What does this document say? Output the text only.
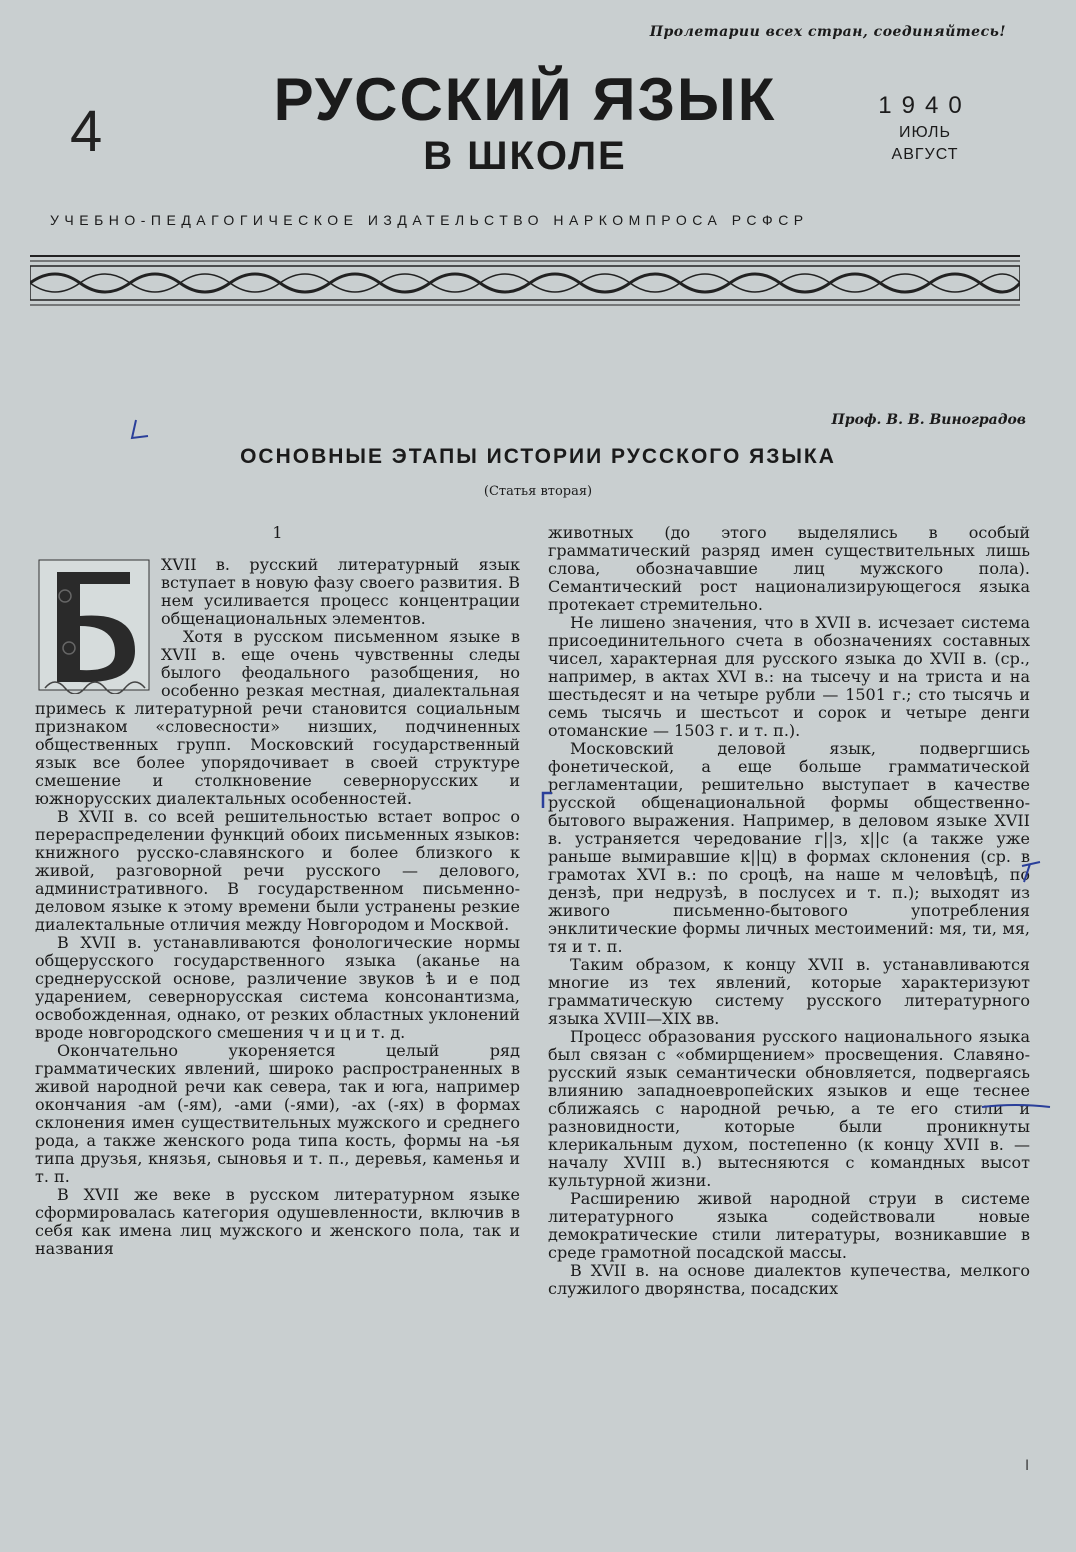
Пролетарии всех стран, соединяйтесь!
4	РУССКИЙ ЯЗЫК
В ШКОЛЕ
1940
ИЮЛЬ
АВГУСТ
УЧЕБНО-ПЕДАГОГИЧЕСКОЕ ИЗДАТЕЛЬСТВО НАРКОМПРОСА РСФСР
Проф. В. В. Виноградов
ОСНОВНЫЕ ЭТАПЫ ИСТОРИИ РУССКОГО ЯЗЫКА
(Статья вторая)
1
В

XVII в. русский литературный язык вступает в новую фазу своего развития. В нем усиливается процесс концентрации общенациональных элементов.

Хотя в русском письменном языке в XVII в. еще очень чувственны следы былого феодального разобщения, но особенно резкая местная, диалектальная примесь к литературной речи становится социальным признаком «словесности» низших, подчиненных общественных групп. Московский государственный язык все более упорядочивает в своей структуре смешение и столкновение севернорусских и южнорусских диалектальных особенностей.

В XVII в. со всей решительностью встает вопрос о перераспределении функций обоих письменных языков: книжного русско-славянского и более близкого к живой, разговорной речи русского — делового, административного. В государственном письменно-деловом языке к этому времени были устранены резкие диалектальные отличия между Новгородом и Москвой.

В XVII в. устанавливаются фонологические нормы общерусского государственного языка (аканье на среднерусской основе, различение звуков ѣ и е под ударением, севернорусская система консонантизма, освобожденная, однако, от резких областных уклонений вроде новгородского смешения ч и ц и т. д.

Окончательно укореняется целый ряд грамматических явлений, широко распространенных в живой народной речи как севера, так и юга, например окончания -ам (-ям), -ами (-ями), -ах (-ях) в формах склонения имен существительных мужского и среднего рода, а также женского рода типа кость, формы на -ья типа друзья, князья, сыновья и т. п., деревья, каменья и т. п.

В XVII же веке в русском литературном языке сформировалась категория одушевленности, включив в себя как имена лиц мужского и женского пола, так и названия

животных (до этого выделялись в особый грамматический разряд имен существительных лишь слова, обозначавшие лиц мужского пола). Семантический рост национализирующегося языка протекает стремительно.

Не лишено значения, что в XVII в. исчезает система присоединительного счета в обозначениях составных чисел, характерная для русского языка до XVII в. (ср., например, в актах XVI в.: на тысечу и на триста и на шестьдесят и на четыре рубли — 1501 г.; сто тысячь и семь тысячь и шестьсот и сорок и четыре денги отоманские — 1503 г. и т. п.).

Московский деловой язык, подвергшись фонетической, а еще больше грамматической регламентации, решительно выступает в качестве русской общенациональной формы общественно-бытового выражения. Например, в деловом языке XVII в. устраняется чередование г||з, х||с (а также уже раньше вымиравшие к||ц) в формах склонения (ср. в грамотах XVI в.: по сроцѣ, на наше м человѣцѣ, по дензѣ, при недрузѣ, в послусех и т. п.); выходят из живого письменно-бытового употребления энклитические формы личных местоимений: мя, ти, мя, тя и т. п.

Таким образом, к концу XVII в. устанавливаются многие из тех явлений, которые характеризуют грамматическую систему русского литературного языка XVIII—XIX вв.

Процесс образования русского национального языка был связан с «обмирщением» просвещения. Славяно-русский язык семантически обновляется, подвергаясь влиянию западноевропейских языков и еще теснее сближаясь с народной речью, а те его стили и разновидности, которые были проникнуты клерикальным духом, постепенно (к концу XVII в. — началу XVIII в.) вытесняются с командных высот культурной жизни.

Расширению живой народной струи в системе литературного языка содействовали новые демократические стили литературы, возникавшие в среде грамотной посадской массы.

В XVII в. на основе диалектов купечества, мелкого служилого дворянства, посадских

ǀ
